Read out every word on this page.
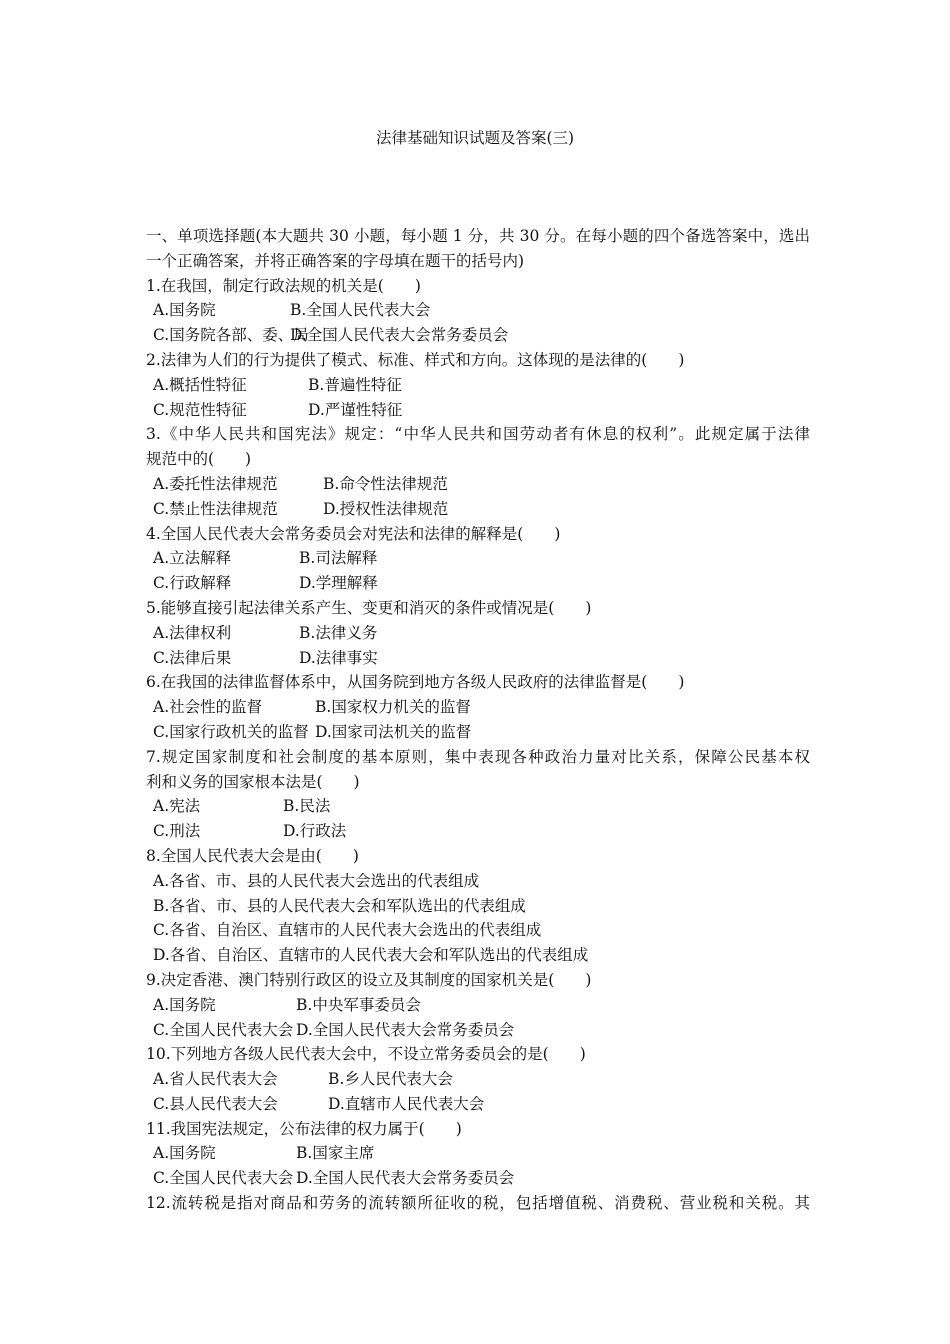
法律基础知识试题及答案(三)
一、单项选择题(本大题共 30 小题，每小题 1 分，共 30 分。在每小题的四个备选答案中，选出
一个正确答案，并将正确答案的字母填在题干的括号内)
1.在我国，制定行政法规的机关是(　　)
A.国务院	B.全国人民代表大会
C.国务院各部、委、局D.全国人民代表大会常务委员会
2.法律为人们的行为提供了模式、标准、样式和方向。这体现的是法律的(　　)
A.概括性特征	B.普遍性特征
C.规范性特征	D.严谨性特征
3.《中华人民共和国宪法》规定：“中华人民共和国劳动者有休息的权利”。此规定属于法律
规范中的(　　)
A.委托性法律规范	B.命令性法律规范
C.禁止性法律规范	D.授权性法律规范
4.全国人民代表大会常务委员会对宪法和法律的解释是(　　)
A.立法解释	B.司法解释
C.行政解释	D.学理解释
5.能够直接引起法律关系产生、变更和消灭的条件或情况是(　　)
A.法律权利	B.法律义务
C.法律后果	D.法律事实
6.在我国的法律监督体系中，从国务院到地方各级人民政府的法律监督是(　　)
A.社会性的监督	B.国家权力机关的监督
C.国家行政机关的监督 D.国家司法机关的监督
7.规定国家制度和社会制度的基本原则，集中表现各种政治力量对比关系，保障公民基本权
利和义务的国家根本法是(　　)
A.宪法	B.民法
C.刑法	D.行政法
8.全国人民代表大会是由(　　)
A.各省、市、县的人民代表大会选出的代表组成
B.各省、市、县的人民代表大会和军队选出的代表组成
C.各省、自治区、直辖市的人民代表大会选出的代表组成
D.各省、自治区、直辖市的人民代表大会和军队选出的代表组成
9.决定香港、澳门特别行政区的设立及其制度的国家机关是(　　)
A.国务院	B.中央军事委员会
C.全国人民代表大会 D.全国人民代表大会常务委员会
10.下列地方各级人民代表大会中，不设立常务委员会的是(　　)
A.省人民代表大会	B.乡人民代表大会
C.县人民代表大会	D.直辖市人民代表大会
11.我国宪法规定，公布法律的权力属于(　　)
A.国务院	B.国家主席
C.全国人民代表大会 D.全国人民代表大会常务委员会
12.流转税是指对商品和劳务的流转额所征收的税，包括增值税、消费税、营业税和关税。其
